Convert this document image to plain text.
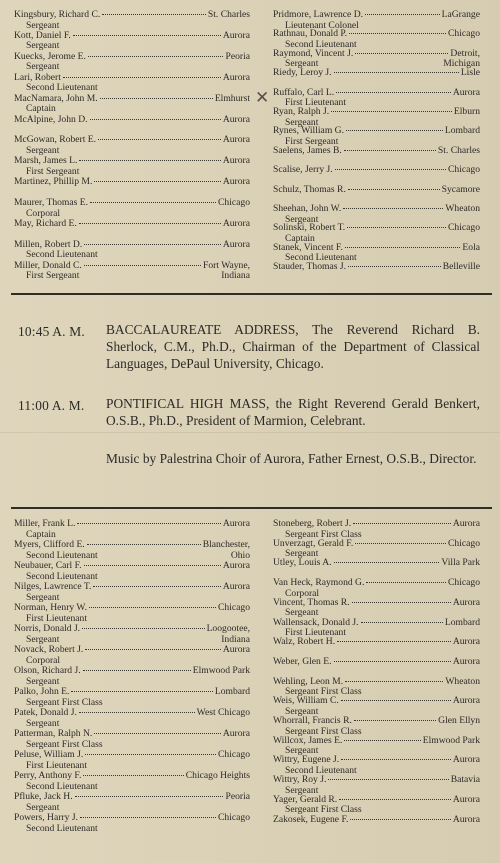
Kingsbury, Richard C.	St. Charles
Sergeant
Kott, Daniel F.	Aurora
Sergeant
Kuecks, Jerome E.	Peoria
Sergeant
Lari, Robert	Aurora
Second Lieutenant
MacNamara, John M.	Elmhurst
Captain
McAlpine, John D.	Aurora
McGowan, Robert E.	Aurora
Sergeant
Marsh, James L.	Aurora
First Sergeant
Martinez, Phillip M.	Aurora
Maurer, Thomas E.	Chicago
Corporal
May, Richard E.	Aurora
Millen, Robert D.	Aurora
Second Lieutenant
Miller, Donald C.	Fort Wayne,
First Sergeant	Indiana
Pridmore, Lawrence D.	LaGrange
Lieutenant Colonel
Rathnau, Donald P.	Chicago
Second Lieutenant
Raymond, Vincent J.	Detroit,
Sergeant	Michigan
Riedy, Leroy J.	Lisle
Ruffalo, Carl L.	Aurora
First Lieutenant
Ryan, Ralph J.	Elburn
Sergeant
Rynes, William G.	Lombard
First Sergeant
Saelens, James B.	St. Charles
Scalise, Jerry J.	Chicago
Schulz, Thomas R.	Sycamore
Sheehan, John W.	Wheaton
Sergeant
Solinski, Robert T.	Chicago
Captain
Stanek, Vincent F.	Eola
Second Lieutenant
Stauder, Thomas J.	Belleville
✕
10:45 A. M. BACCALAUREATE ADDRESS, The Reverend Richard B. Sherlock, C.M., Ph.D., Chairman of the Department of Classical Languages, DePaul University, Chicago.
11:00 A. M. PONTIFICAL HIGH MASS, the Right Reverend Gerald Benkert, O.S.B., Ph.D., President of Marmion, Celebrant.
Music by Palestrina Choir of Aurora, Father Ernest, O.S.B., Director.
Miller, Frank L.	Aurora
Captain
Myers, Clifford E.	Blanchester,
Second Lieutenant	Ohio
Neubauer, Carl F.	Aurora
Second Lieutenant
Nilges, Lawrence T.	Aurora
Sergeant
Norman, Henry W.	Chicago
First Lieutenant
Norris, Donald J.	Loogootee,
Sergeant	Indiana
Novack, Robert J.	Aurora
Corporal
Olson, Richard J.	Elmwood Park
Sergeant
Palko, John E.	Lombard
Sergeant First Class
Patek, Donald J.	West Chicago
Sergeant
Patterman, Ralph N.	Aurora
Sergeant First Class
Peluse, William J.	Chicago
First Lieutenant
Perry, Anthony F.	Chicago Heights
Second Lieutenant
Pfluke, Jack H.	Peoria
Sergeant
Powers, Harry J.	Chicago
Second Lieutenant
Stoneberg, Robert J.	Aurora
Sergeant First Class
Unverzagt, Gerald F.	Chicago
Sergeant
Utley, Louis A.	Villa Park
Van Heck, Raymond G.	Chicago
Corporal
Vincent, Thomas R.	Aurora
Sergeant
Wallensack, Donald J.	Lombard
First Lieutenant
Walz, Robert H.	Aurora
Weber, Glen E.	Aurora
Wehling, Leon M.	Wheaton
Sergeant First Class
Weis, William C.	Aurora
Sergeant
Whorrall, Francis R.	Glen Ellyn
Sergeant First Class
Willcox, James E.	Elmwood Park
Sergeant
Wittry, Eugene J.	Aurora
Second Lieutenant
Wittry, Roy J.	Batavia
Sergeant
Yager, Gerald R.	Aurora
Sergeant First Class
Zakosek, Eugene F.	Aurora
